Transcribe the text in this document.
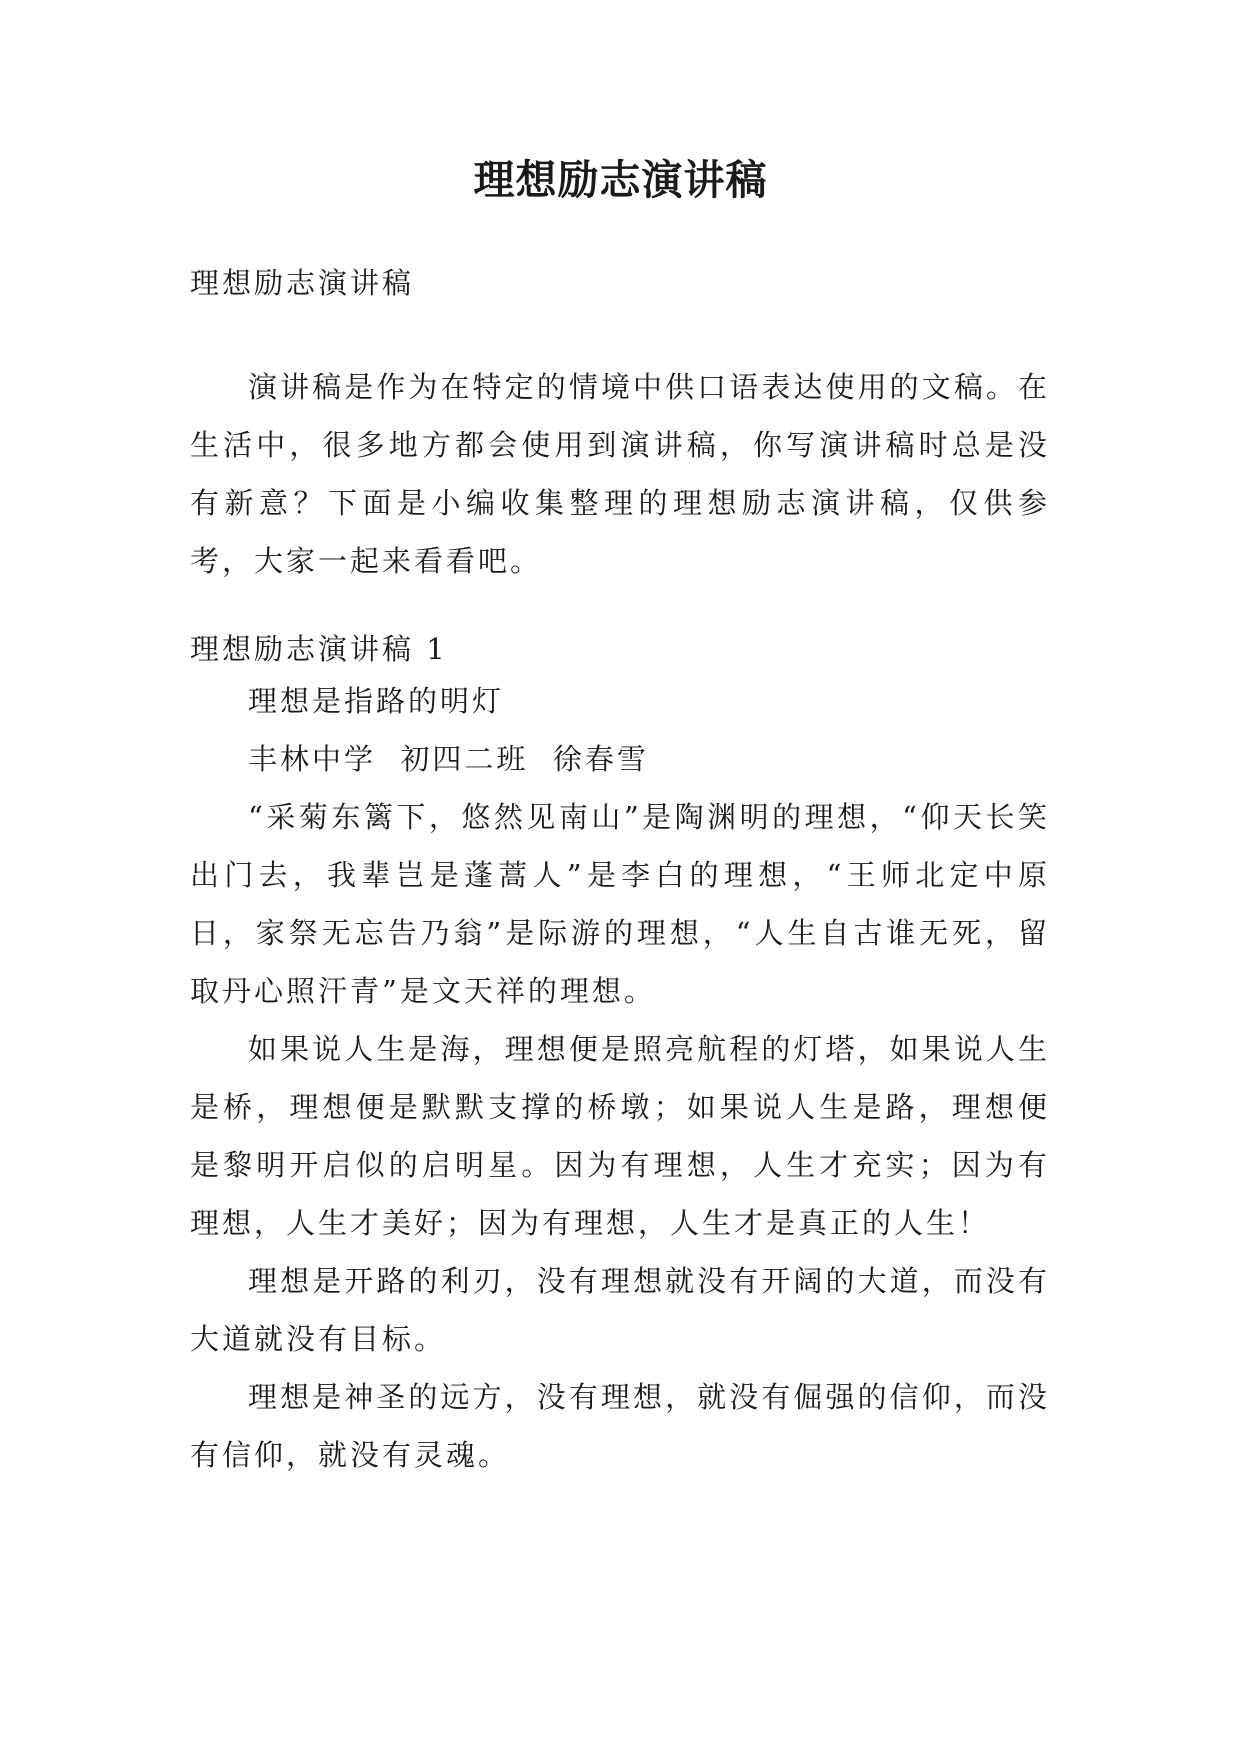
理想励志演讲稿
理想励志演讲稿

演讲稿是作为在特定的情境中供口语表达使用的文稿。在生活中，很多地方都会使用到演讲稿，你写演讲稿时总是没有新意？下面是小编收集整理的理想励志演讲稿，仅供参考，大家一起来看看吧。

理想励志演讲稿 1

理想是指路的明灯

丰林中学  初四二班  徐春雪

“采菊东篱下，悠然见南山”是陶渊明的理想，“仰天长笑出门去，我辈岂是蓬蒿人”是李白的理想，“王师北定中原日，家祭无忘告乃翁”是际游的理想，“人生自古谁无死，留取丹心照汗青”是文天祥的理想。

如果说人生是海，理想便是照亮航程的灯塔，如果说人生是桥，理想便是默默支撑的桥墩；如果说人生是路，理想便是黎明开启似的启明星。因为有理想，人生才充实；因为有理想，人生才美好；因为有理想，人生才是真正的人生！

理想是开路的利刃，没有理想就没有开阔的大道，而没有大道就没有目标。

理想是神圣的远方，没有理想，就没有倔强的信仰，而没有信仰，就没有灵魂。
